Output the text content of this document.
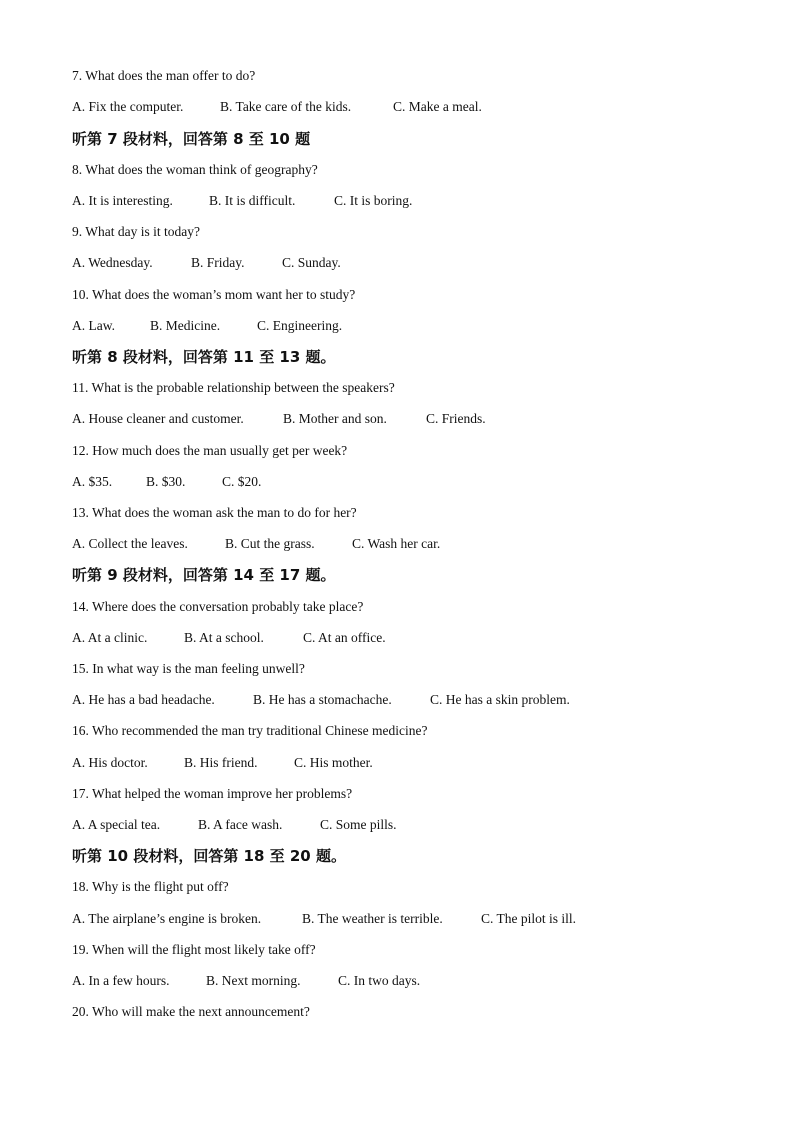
7. What does the man offer to do?
A. Fix the computer.	B. Take care of the kids.	C. Make a meal.
听第 7 段材料，回答第 8 至 10 题
8. What does the woman think of geography?
A. It is interesting.	B. It is difficult.	C. It is boring.
9. What day is it today?
A. Wednesday.	B. Friday.	C. Sunday.
10. What does the woman’s mom want her to study?
A. Law.	B. Medicine.	C. Engineering.
听第 8 段材料，回答第 11 至 13 题。
11. What is the probable relationship between the speakers?
A. House cleaner and customer.	B. Mother and son.	C. Friends.
12. How much does the man usually get per week?
A. $35.	B. $30.	C. $20.
13. What does the woman ask the man to do for her?
A. Collect the leaves.	B. Cut the grass.	C. Wash her car.
听第 9 段材料，回答第 14 至 17 题。
14. Where does the conversation probably take place?
A. At a clinic.	B. At a school.	C. At an office.
15. In what way is the man feeling unwell?
A. He has a bad headache.	B. He has a stomachache.	C. He has a skin problem.
16. Who recommended the man try traditional Chinese medicine?
A. His doctor.	B. His friend.	C. His mother.
17. What helped the woman improve her problems?
A. A special tea.	B. A face wash.	C. Some pills.
听第 10 段材料，回答第 18 至 20 题。
18. Why is the flight put off?
A. The airplane’s engine is broken.	B. The weather is terrible.	C. The pilot is ill.
19. When will the flight most likely take off?
A. In a few hours.	B. Next morning.	C. In two days.
20. Who will make the next announcement?
